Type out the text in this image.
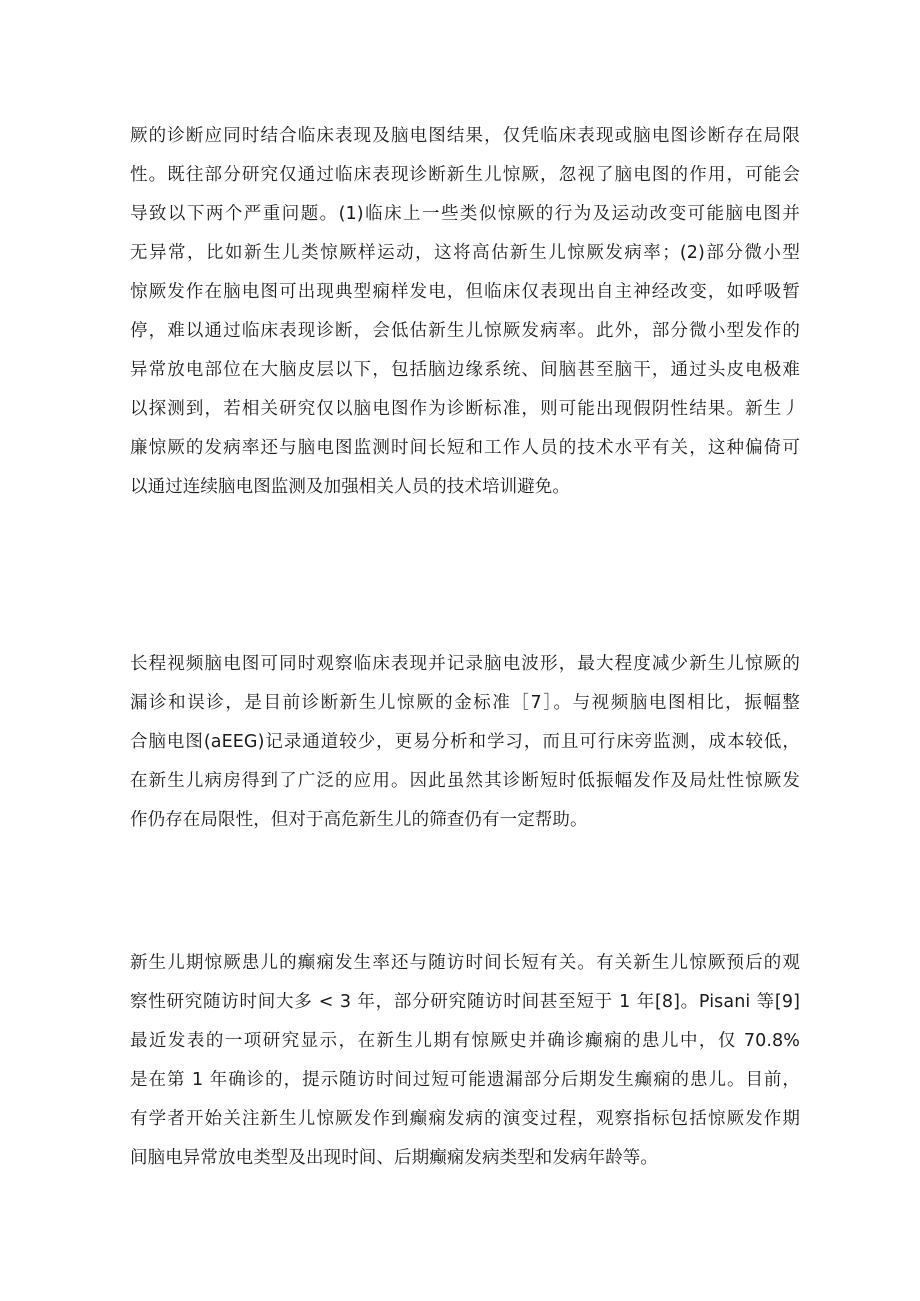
厥的诊断应同时结合临床表现及脑电图结果，仅凭临床表现或脑电图诊断存在局限
性。既往部分研究仅通过临床表现诊断新生儿惊厥，忽视了脑电图的作用，可能会
导致以下两个严重问题。(1)临床上一些类似惊厥的行为及运动改变可能脑电图并
无异常，比如新生儿类惊厥样运动，这将高估新生儿惊厥发病率；(2)部分微小型
惊厥发作在脑电图可出现典型痫样发电，但临床仅表现出自主神经改变，如呼吸暂
停，难以通过临床表现诊断，会低估新生儿惊厥发病率。此外，部分微小型发作的
异常放电部位在大脑皮层以下，包括脑边缘系统、间脑甚至脑干，通过头皮电极难
以探测到，若相关研究仅以脑电图作为诊断标准，则可能出现假阴性结果。新生丿
廉惊厥的发病率还与脑电图监测时间长短和工作人员的技术水平有关，这种偏倚可
以通过连续脑电图监测及加强相关人员的技术培训避免。
长程视频脑电图可同时观察临床表现并记录脑电波形，最大程度减少新生儿惊厥的
漏诊和误诊，是目前诊断新生儿惊厥的金标准［7］。与视频脑电图相比，振幅整
合脑电图(aEEG)记录通道较少，更易分析和学习，而且可行床旁监测，成本较低，
在新生儿病房得到了广泛的应用。因此虽然其诊断短时低振幅发作及局灶性惊厥发
作仍存在局限性，但对于高危新生儿的筛查仍有一定帮助。
新生儿期惊厥患儿的癫痫发生率还与随访时间长短有关。有关新生儿惊厥预后的观
察性研究随访时间大多 < 3 年，部分研究随访时间甚至短于 1 年[8]。Pisani 等[9]
最近发表的一项研究显示，在新生儿期有惊厥史并确诊癫痫的患儿中，仅 70.8%
是在第 1 年确诊的，提示随访时间过短可能遗漏部分后期发生癫痫的患儿。目前，
有学者开始关注新生儿惊厥发作到癫痫发病的演变过程，观察指标包括惊厥发作期
间脑电异常放电类型及出现时间、后期癫痫发病类型和发病年龄等。
